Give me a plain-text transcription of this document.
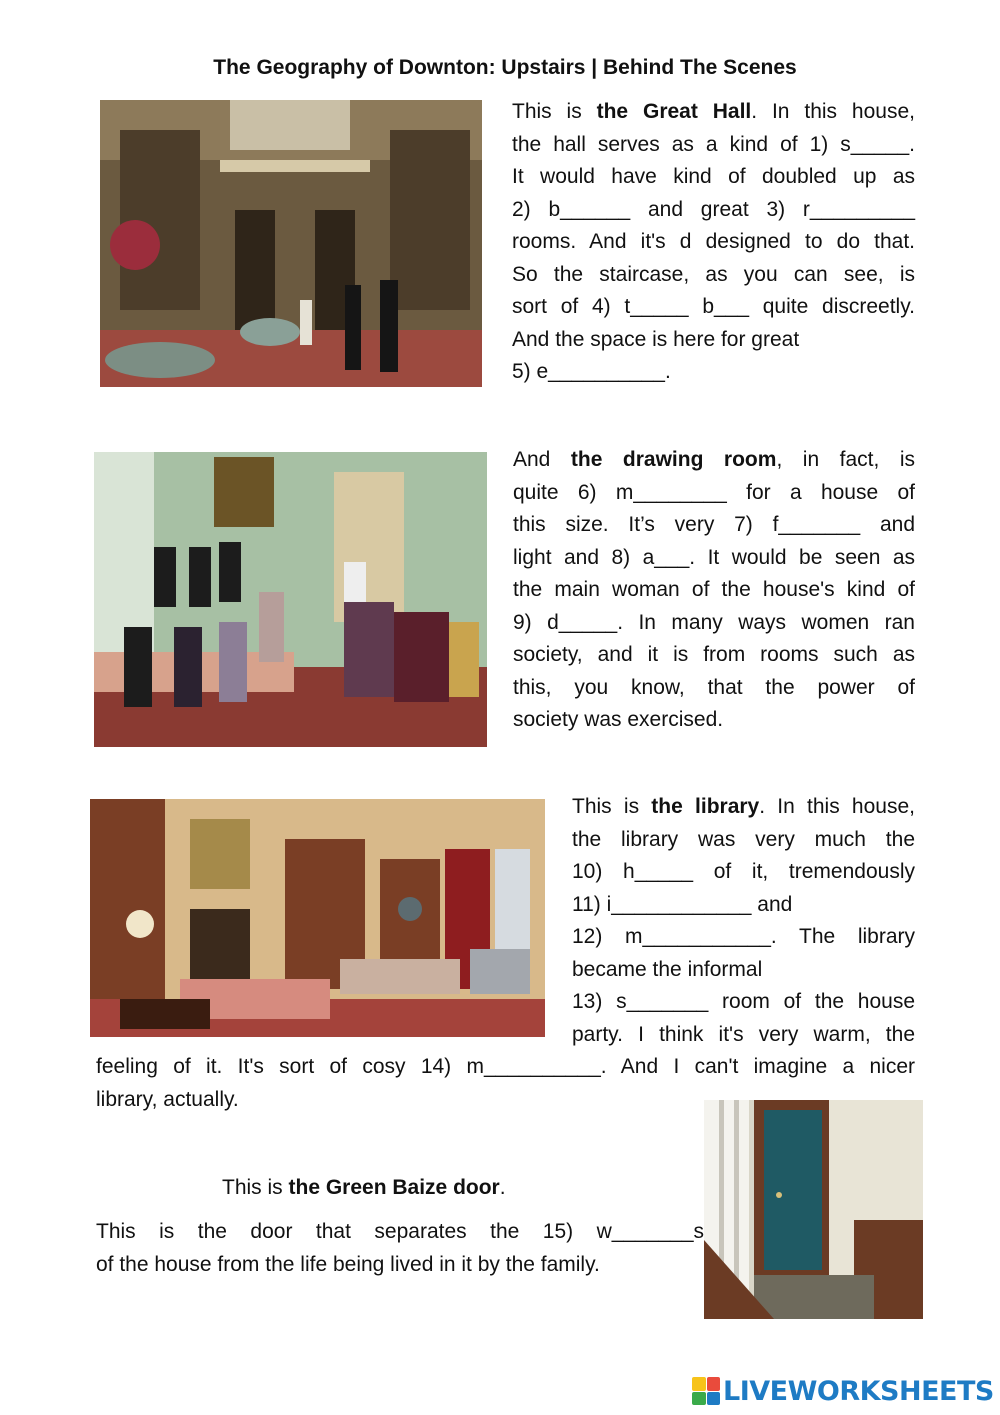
The Geography of Downton: Upstairs | Behind The Scenes
This is the Great Hall. In this house,
the hall serves as a kind of 1) s_____.
It would have kind of doubled up as
2) b______ and great 3) r_________
rooms. And it's d designed to do that.
So the staircase, as you can see, is
sort of 4) t_____ b___ quite discreetly.
And the space is here for great
5) e__________.
And the drawing room, in fact, is
quite 6) m________ for a house of
this size. It’s very 7) f_______ and
light and 8) a___. It would be seen as
the main woman of the house's kind of
9) d_____. In many ways women ran
society, and it is from rooms such as
this, you know, that the power of
society was exercised.
This is the library. In this house,
the library was very much the
10) h_____ of it, tremendously
11) i____________ and
12) m___________. The library
became the informal
13) s_______ room of the house
party. I think it's very warm, the
feeling of it. It's sort of cosy 14) m__________. And I can't imagine a nicer
library, actually.
This is the Green Baize door.
This is the door that separates the 15) w_______s
of the house from the life being lived in it by the family.
LIVEWORKSHEETS
